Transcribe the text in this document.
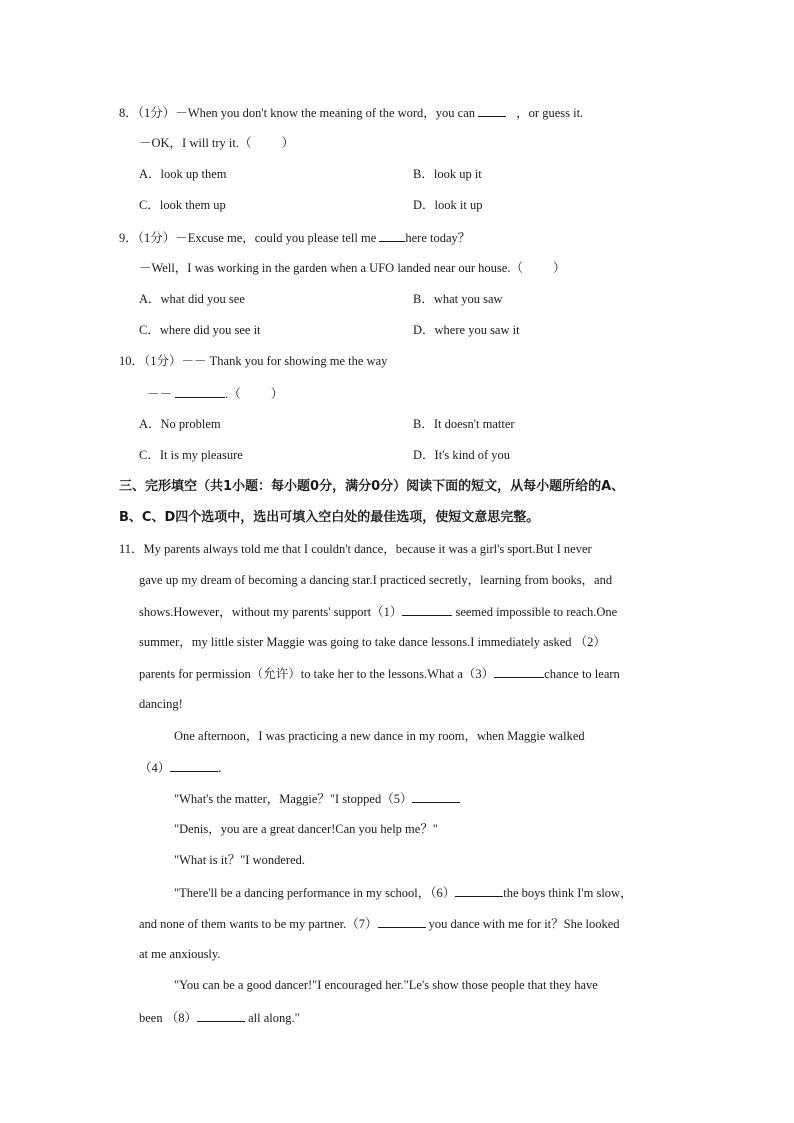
8．（1分）－When you don't know the meaning of the word，you can	，or guess it.
－OK，I will try it.（ ）
A．look up them	B．look up it
C．look them up	D．look it up
9．（1分）－Excuse me，could you please tell me here today？
－Well，I was working in the garden when a UFO landed near our house.（ ）
A．what did you see	B．what you saw
C．where did you see it	D．where you saw it
10．（1分）－－ Thank you for showing me the way
－－	.（ ）
A．No problem	B．It doesn't matter
C．It is my pleasure	D．It's kind of you
三、完形填空（共1小题：每小题0分，满分0分）阅读下面的短文，从每小题所给的A、
B、C、D四个选项中，选出可填入空白处的最佳选项，使短文意思完整。
11．My parents always told me that I couldn't dance，because it was a girl's sport.But I never
gave up my dream of becoming a dancing star.I practiced secretly，learning from books，and
shows.However，without my parents' support（1）	seemed impossible to reach.One
summer，my little sister Maggie was going to take dance lessons.I immediately asked （2）
parents for permission（允许）to take her to the lessons.What a（3）	chance to learn
dancing!
One afternoon，I was practicing a new dance in my room，when Maggie walked
（4）	.
"What's the matter，Maggie？"I stopped（5）
"Denis，you are a great dancer!Can you help me？"
"What is it？"I wondered.
"There'll be a dancing performance in my school，（6）	the boys think I'm slow，
and none of them wants to be my partner.（7）	you dance with me for it？She looked
at me anxiously.
"You can be a good dancer!"I encouraged her."Le's show those people that they have
been （8）	all along."
